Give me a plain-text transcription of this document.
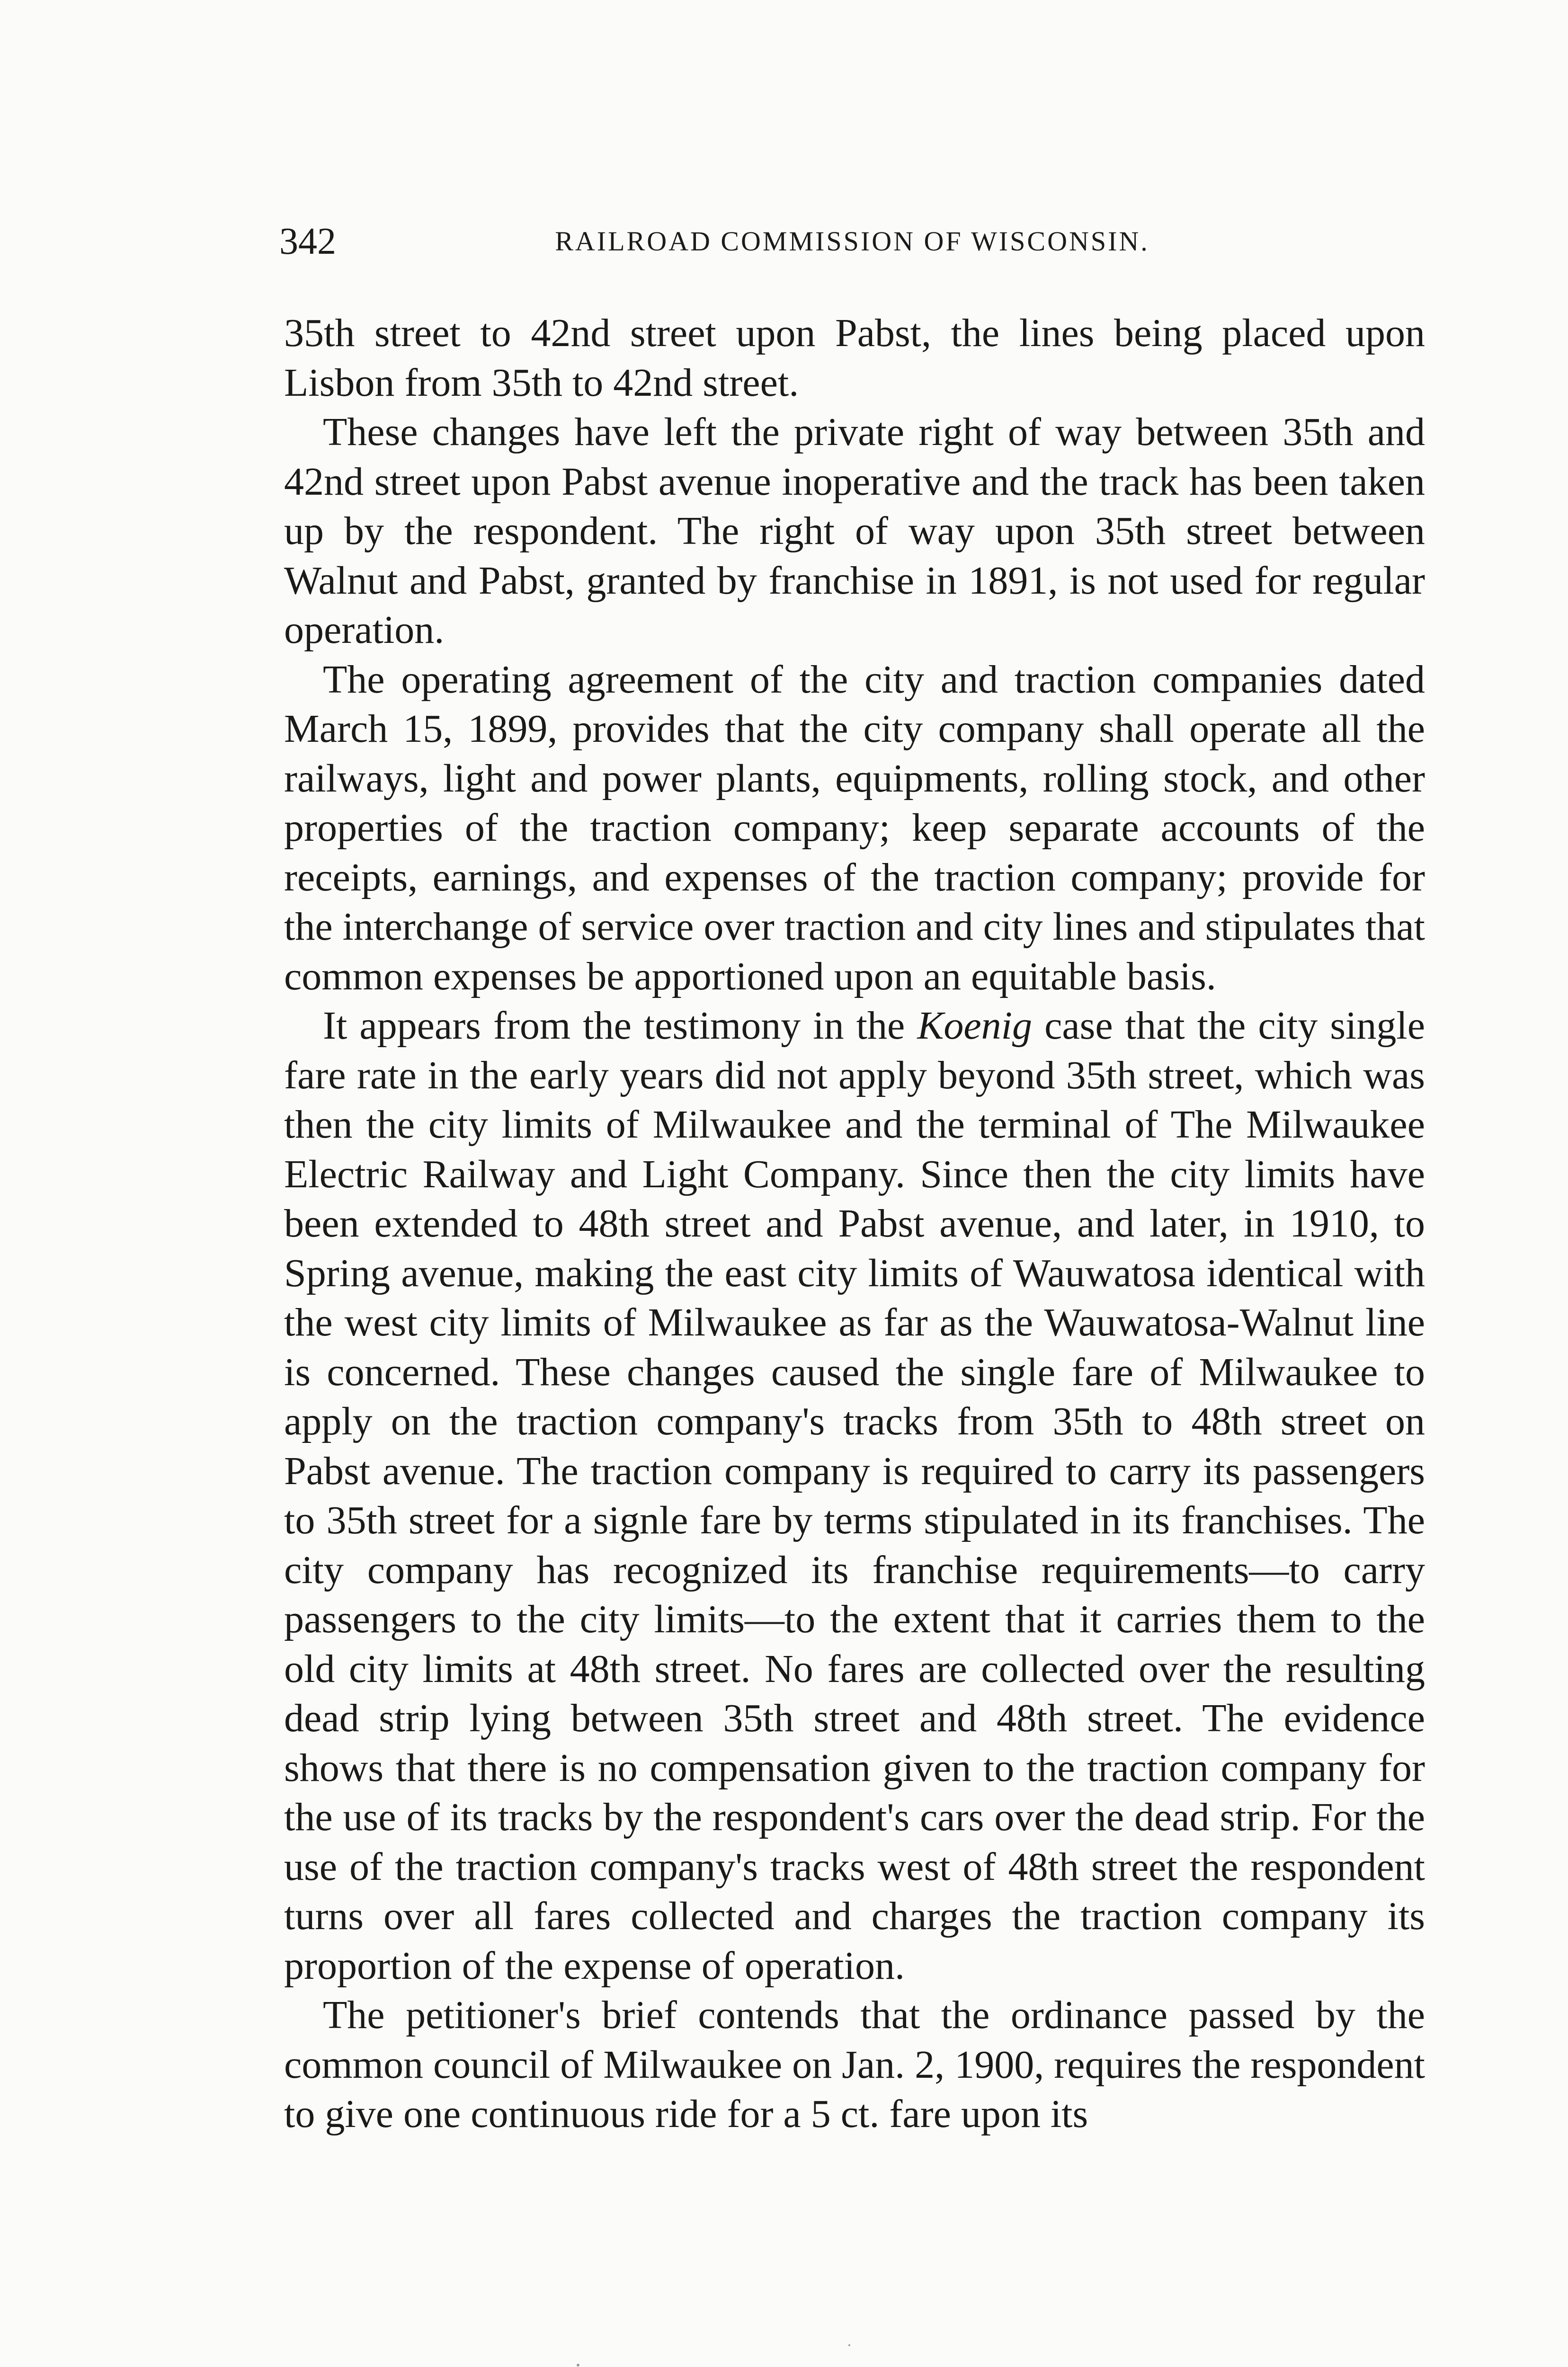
342	RAILROAD COMMISSION OF WISCONSIN.

35th street to 42nd street upon Pabst, the lines being placed upon Lisbon from 35th to 42nd street.

These changes have left the private right of way between 35th and 42nd street upon Pabst avenue inoperative and the track has been taken up by the respondent. The right of way upon 35th street between Walnut and Pabst, granted by franchise in 1891, is not used for regular operation.

The operating agreement of the city and traction companies dated March 15, 1899, provides that the city company shall operate all the railways, light and power plants, equipments, rolling stock, and other properties of the traction company; keep separate accounts of the receipts, earnings, and expenses of the traction company; provide for the interchange of service over traction and city lines and stipulates that common expenses be apportioned upon an equitable basis.

It appears from the testimony in the Koenig case that the city single fare rate in the early years did not apply beyond 35th street, which was then the city limits of Milwaukee and the terminal of The Milwaukee Electric Railway and Light Company. Since then the city limits have been extended to 48th street and Pabst avenue, and later, in 1910, to Spring avenue, making the east city limits of Wauwatosa identical with the west city limits of Milwaukee as far as the Wauwatosa-Walnut line is concerned. These changes caused the single fare of Milwaukee to apply on the traction company's tracks from 35th to 48th street on Pabst avenue. The traction company is required to carry its passengers to 35th street for a signle fare by terms stipulated in its franchises. The city company has recognized its franchise requirements—to carry passengers to the city limits—to the extent that it carries them to the old city limits at 48th street. No fares are collected over the resulting dead strip lying between 35th street and 48th street. The evidence shows that there is no compensation given to the traction company for the use of its tracks by the respondent's cars over the dead strip. For the use of the traction company's tracks west of 48th street the respondent turns over all fares collected and charges the traction company its proportion of the expense of operation.

The petitioner's brief contends that the ordinance passed by the common council of Milwaukee on Jan. 2, 1900, requires the respondent to give one continuous ride for a 5 ct. fare upon its
